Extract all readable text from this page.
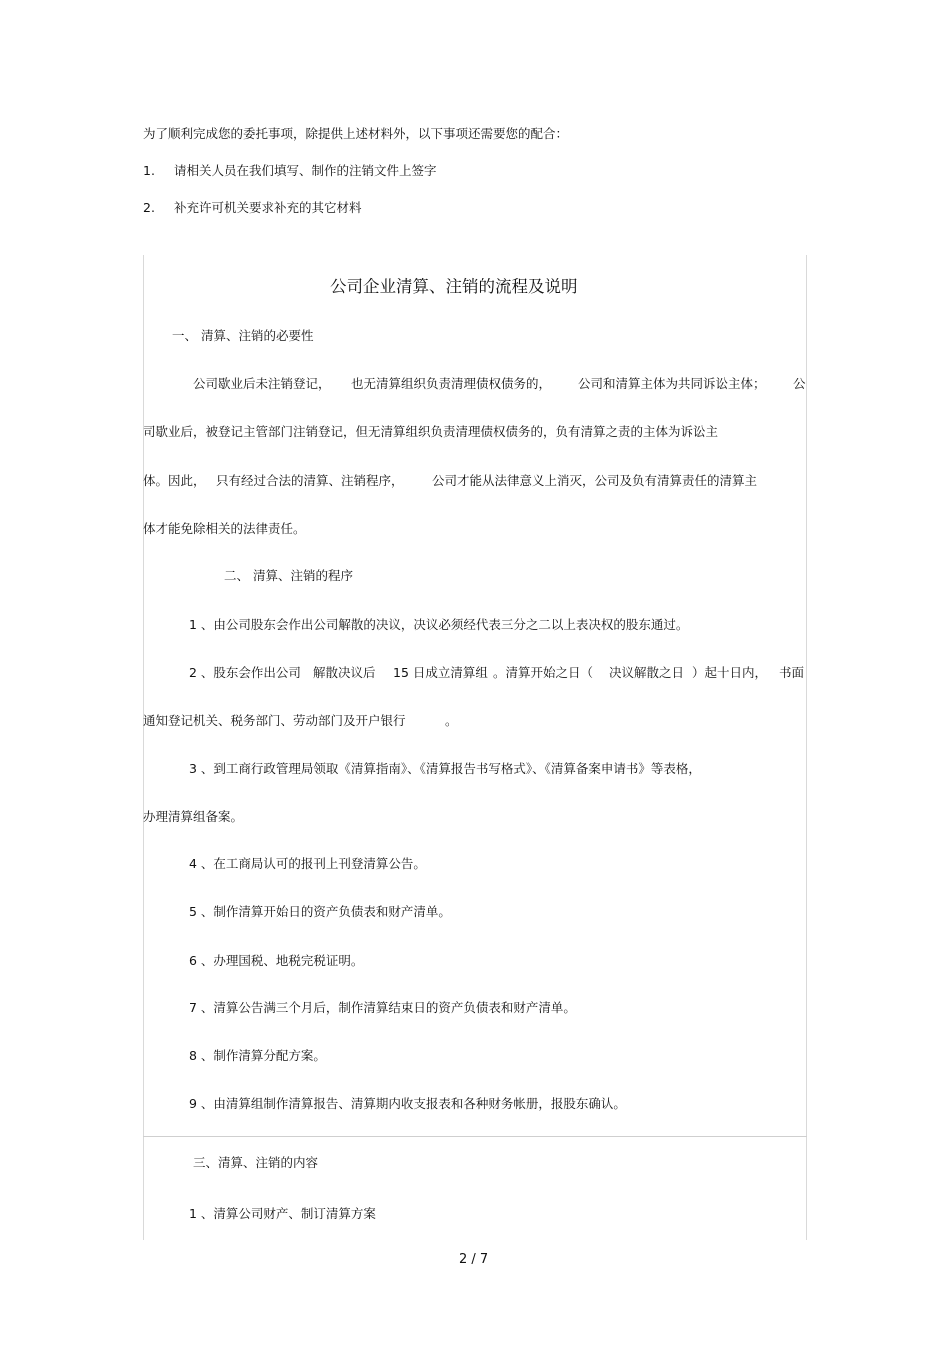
为了顺利完成您的委托事项，除提供上述材料外，以下事项还需要您的配合：
1. 请相关人员在我们填写、制作的注销文件上签字
2. 补充许可机关要求补充的其它材料
公司企业清算、注销的流程及说明
一、 清算、注销的必要性
公司歇业后未注销登记， 也无清算组织负责清理债权债务的， 公司和清算主体为共同诉讼主体； 公
司歇业后，被登记主管部门注销登记，但无清算组织负责清理债权债务的，负有清算之责的主体为诉讼主
体。因此， 只有经过合法的清算、注销程序， 公司才能从法律意义上消灭，公司及负有清算责任的清算主
体才能免除相关的法律责任。
二、 清算、注销的程序
1 、由公司股东会作出公司解散的决议，决议必须经代表三分之二以上表决权的股东通过。
2 、股东会作出公司 解散决议后 15 日成立清算组 。清算开始之日（ 决议解散之日 ）起十日内， 书面
通知登记机关、税务部门、劳动部门及开户银行	。
3 、到工商行政管理局领取《清算指南》、《清算报告书写格式》、《清算备案申请书》等表格，
办理清算组备案。
4 、在工商局认可的报刊上刊登清算公告。
5 、制作清算开始日的资产负债表和财产清单。
6 、办理国税、地税完税证明。
7 、清算公告满三个月后，制作清算结束日的资产负债表和财产清单。
8 、制作清算分配方案。
9 、由清算组制作清算报告、清算期内收支报表和各种财务帐册，报股东确认。
三、清算、注销的内容
1 、清算公司财产、制订清算方案
2 / 7
